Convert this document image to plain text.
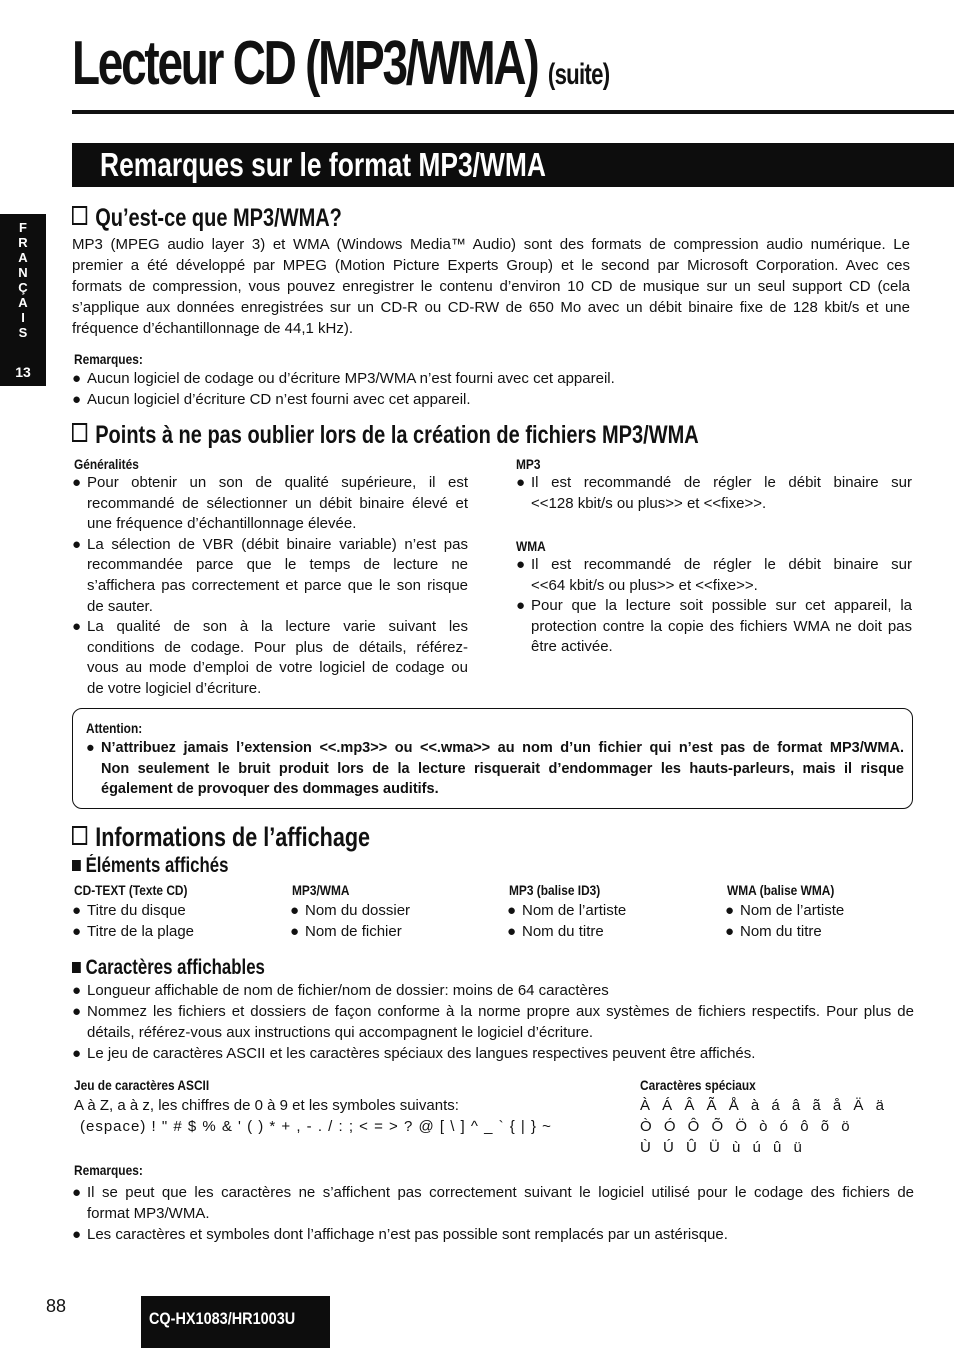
Lecteur CD (MP3/WMA) (suite)
Remarques sur le format MP3/WMA
F
R
A
N
Ç
A
I
S
13
Qu’est-ce que MP3/WMA?
MP3 (MPEG audio layer 3) et WMA (Windows Media™ Audio) sont des formats de compression audio numérique. Le
premier a été développé par MPEG (Motion Picture Experts Group) et le second par Microsoft Corporation. Avec ces
formats de compression, vous pouvez enregistrer le contenu d’environ 10 CD de musique sur un seul support CD (cela
s’applique aux données enregistrées sur un CD-R ou CD-RW de 650 Mo avec un débit binaire fixe de 128 kbit/s et une
fréquence d’échantillonnage de 44,1 kHz).
Remarques:
● Aucun logiciel de codage ou d’écriture MP3/WMA n’est fourni avec cet appareil.
● Aucun logiciel d’écriture CD n’est fourni avec cet appareil.
Points à ne pas oublier lors de la création de fichiers MP3/WMA
Généralités
● Pour obtenir un son de qualité supérieure, il est
recommandé de sélectionner un débit binaire élevé et
une fréquence d’échantillonnage élevée.
● La sélection de VBR (débit binaire variable) n’est pas
recommandée parce que le temps de lecture ne
s’affichera pas correctement et parce que le son risque
de sauter.
● La qualité de son à la lecture varie suivant les
conditions de codage. Pour plus de détails, référez-
vous au mode d’emploi de votre logiciel de codage ou
de votre logiciel d’écriture.
MP3
● Il est recommandé de régler le débit binaire sur
<<128 kbit/s ou plus>> et <<fixe>>.
WMA
● Il est recommandé de régler le débit binaire sur
<<64 kbit/s ou plus>> et <<fixe>>.
● Pour que la lecture soit possible sur cet appareil, la
protection contre la copie des fichiers WMA ne doit pas
être activée.
Attention:
● N’attribuez jamais l’extension <<.mp3>> ou <<.wma>> au nom d’un fichier qui n’est pas de format MP3/WMA.
Non seulement le bruit produit lors de la lecture risquerait d’endommager les hauts-parleurs, mais il risque
également de provoquer des dommages auditifs.
Informations de l’affichage
Éléments affichés
CD-TEXT (Texte CD)
● Titre du disque
● Titre de la plage
MP3/WMA
● Nom du dossier
● Nom de fichier
MP3 (balise ID3)
● Nom de l’artiste
● Nom du titre
WMA (balise WMA)
● Nom de l’artiste
● Nom du titre
Caractères affichables
● Longueur affichable de nom de fichier/nom de dossier: moins de 64 caractères
● Nommez les fichiers et dossiers de façon conforme à la norme propre aux systèmes de fichiers respectifs. Pour plus de
détails, référez-vous aux instructions qui accompagnent le logiciel d’écriture.
● Le jeu de caractères ASCII et les caractères spéciaux des langues respectives peuvent être affichés.
Jeu de caractères ASCII
A à Z, a à z, les chiffres de 0 à 9 et les symboles suivants:
(espace) ! " # $ % & ' ( ) * + , - . / : ; < = > ? @ [ \ ] ^ _ ` { | } ~
Caractères spéciaux
À Á Â Ã Å à á â ã å Ä ä
Ò Ó Ô Õ Ö ò ó ô õ ö
Ù Ú Û Ü ù ú û ü
Remarques:
● Il se peut que les caractères ne s’affichent pas correctement suivant le logiciel utilisé pour le codage des fichiers de
format MP3/WMA.
● Les caractères et symboles dont l’affichage n’est pas possible sont remplacés par un astérisque.
88
CQ-HX1083/HR1003U
